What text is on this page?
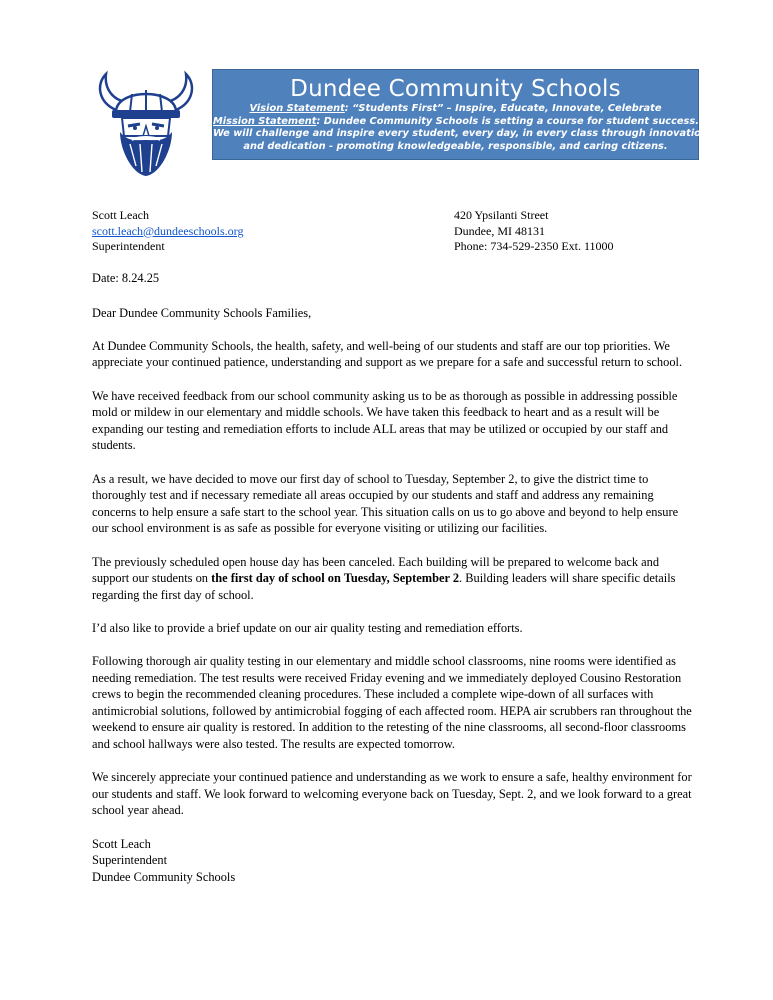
Dundee Community Schools
Vision Statement: “Students First” – Inspire, Educate, Innovate, Celebrate
Mission Statement: Dundee Community Schools is setting a course for student success.
We will challenge and inspire every student, every day, in every class through innovation
and dedication - promoting knowledgeable, responsible, and caring citizens.
Scott Leach
scott.leach@dundeeschools.org
Superintendent
420 Ypsilanti Street
Dundee, MI 48131
Phone: 734-529-2350 Ext. 11000

Date: 8.24.25

Dear Dundee Community Schools Families,

At Dundee Community Schools, the health, safety, and well-being of our students and staff are our top priorities. We appreciate your continued patience, understanding and support as we prepare for a safe and successful return to school.

We have received feedback from our school community asking us to be as thorough as possible in addressing possible mold or mildew in our elementary and middle schools. We have taken this feedback to heart and as a result will be expanding our testing and remediation efforts to include ALL areas that may be utilized or occupied by our staff and students.

As a result, we have decided to move our first day of school to Tuesday, September 2, to give the district time to thoroughly test and if necessary remediate all areas occupied by our students and staff and address any remaining concerns to help ensure a safe start to the school year. This situation calls on us to go above and beyond to help ensure our school environment is as safe as possible for everyone visiting or utilizing our facilities.

The previously scheduled open house day has been canceled. Each building will be prepared to welcome back and support our students on the first day of school on Tuesday, September 2. Building leaders will share specific details regarding the first day of school.

I’d also like to provide a brief update on our air quality testing and remediation efforts.

Following thorough air quality testing in our elementary and middle school classrooms, nine rooms were identified as needing remediation. The test results were received Friday evening and we immediately deployed Cousino Restoration crews to begin the recommended cleaning procedures. These included a complete wipe-down of all surfaces with antimicrobial solutions, followed by antimicrobial fogging of each affected room. HEPA air scrubbers ran throughout the weekend to ensure air quality is restored. In addition to the retesting of the nine classrooms, all second-floor classrooms and school hallways were also tested. The results are expected tomorrow.

We sincerely appreciate your continued patience and understanding as we work to ensure a safe, healthy environment for our students and staff. We look forward to welcoming everyone back on Tuesday, Sept. 2, and we look forward to a great school year ahead.

Scott Leach
Superintendent
Dundee Community Schools
